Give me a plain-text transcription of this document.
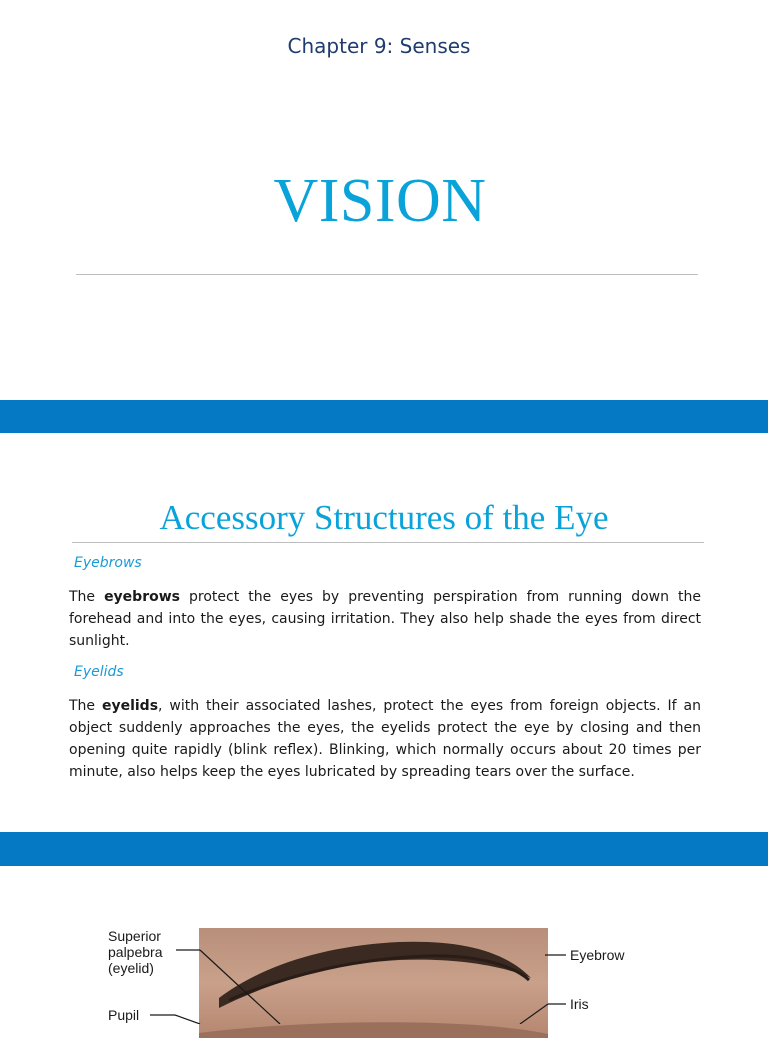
Chapter 9: Senses
VISION
Accessory Structures of the Eye
Eyebrows
The eyebrows protect the eyes by preventing perspiration from running down the forehead and into the eyes, causing irritation. They also help shade the eyes from direct sunlight.
Eyelids
The eyelids, with their associated lashes, protect the eyes from foreign objects. If an object suddenly approaches the eyes, the eyelids protect the eye by closing and then opening quite rapidly (blink reflex). Blinking, which normally occurs about 20 times per minute, also helps keep the eyes lubricated by spreading tears over the surface.
Superior
palpebra
(eyelid)
Pupil
Eyebrow
Iris
